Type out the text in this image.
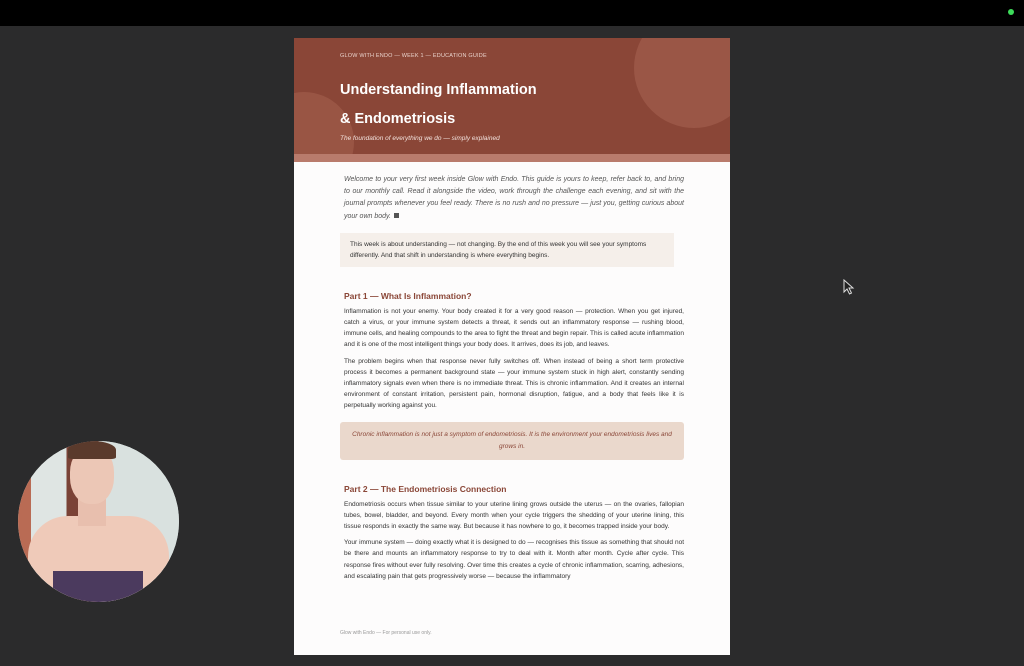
GLOW WITH ENDO — WEEK 1 — EDUCATION GUIDE
Understanding Inflammation
& Endometriosis
The foundation of everything we do — simply explained
Welcome to your very first week inside Glow with Endo. This guide is yours to keep, refer back to, and bring to our monthly call. Read it alongside the video, work through the challenge each evening, and sit with the journal prompts whenever you feel ready. There is no rush and no pressure — just you, getting curious about your own body.
This week is about understanding — not changing. By the end of this week you will see your symptoms differently. And that shift in understanding is where everything begins.
Part 1 — What Is Inflammation?

Inflammation is not your enemy. Your body created it for a very good reason — protection. When you get injured, catch a virus, or your immune system detects a threat, it sends out an inflammatory response — rushing blood, immune cells, and healing compounds to the area to fight the threat and begin repair. This is called acute inflammation and it is one of the most intelligent things your body does. It arrives, does its job, and leaves.

The problem begins when that response never fully switches off. When instead of being a short term protective process it becomes a permanent background state — your immune system stuck in high alert, constantly sending inflammatory signals even when there is no immediate threat. This is chronic inflammation. And it creates an internal environment of constant irritation, persistent pain, hormonal disruption, fatigue, and a body that feels like it is perpetually working against you.

Chronic inflammation is not just a symptom of endometriosis. It is the environment your endometriosis lives and grows in.
Part 2 — The Endometriosis Connection

Endometriosis occurs when tissue similar to your uterine lining grows outside the uterus — on the ovaries, fallopian tubes, bowel, bladder, and beyond. Every month when your cycle triggers the shedding of your uterine lining, this tissue responds in exactly the same way. But because it has nowhere to go, it becomes trapped inside your body.

Your immune system — doing exactly what it is designed to do — recognises this tissue as something that should not be there and mounts an inflammatory response to try to deal with it. Month after month. Cycle after cycle. This response fires without ever fully resolving. Over time this creates a cycle of chronic inflammation, scarring, adhesions, and escalating pain that gets progressively worse — because the inflammatory

Glow with Endo — For personal use only.
